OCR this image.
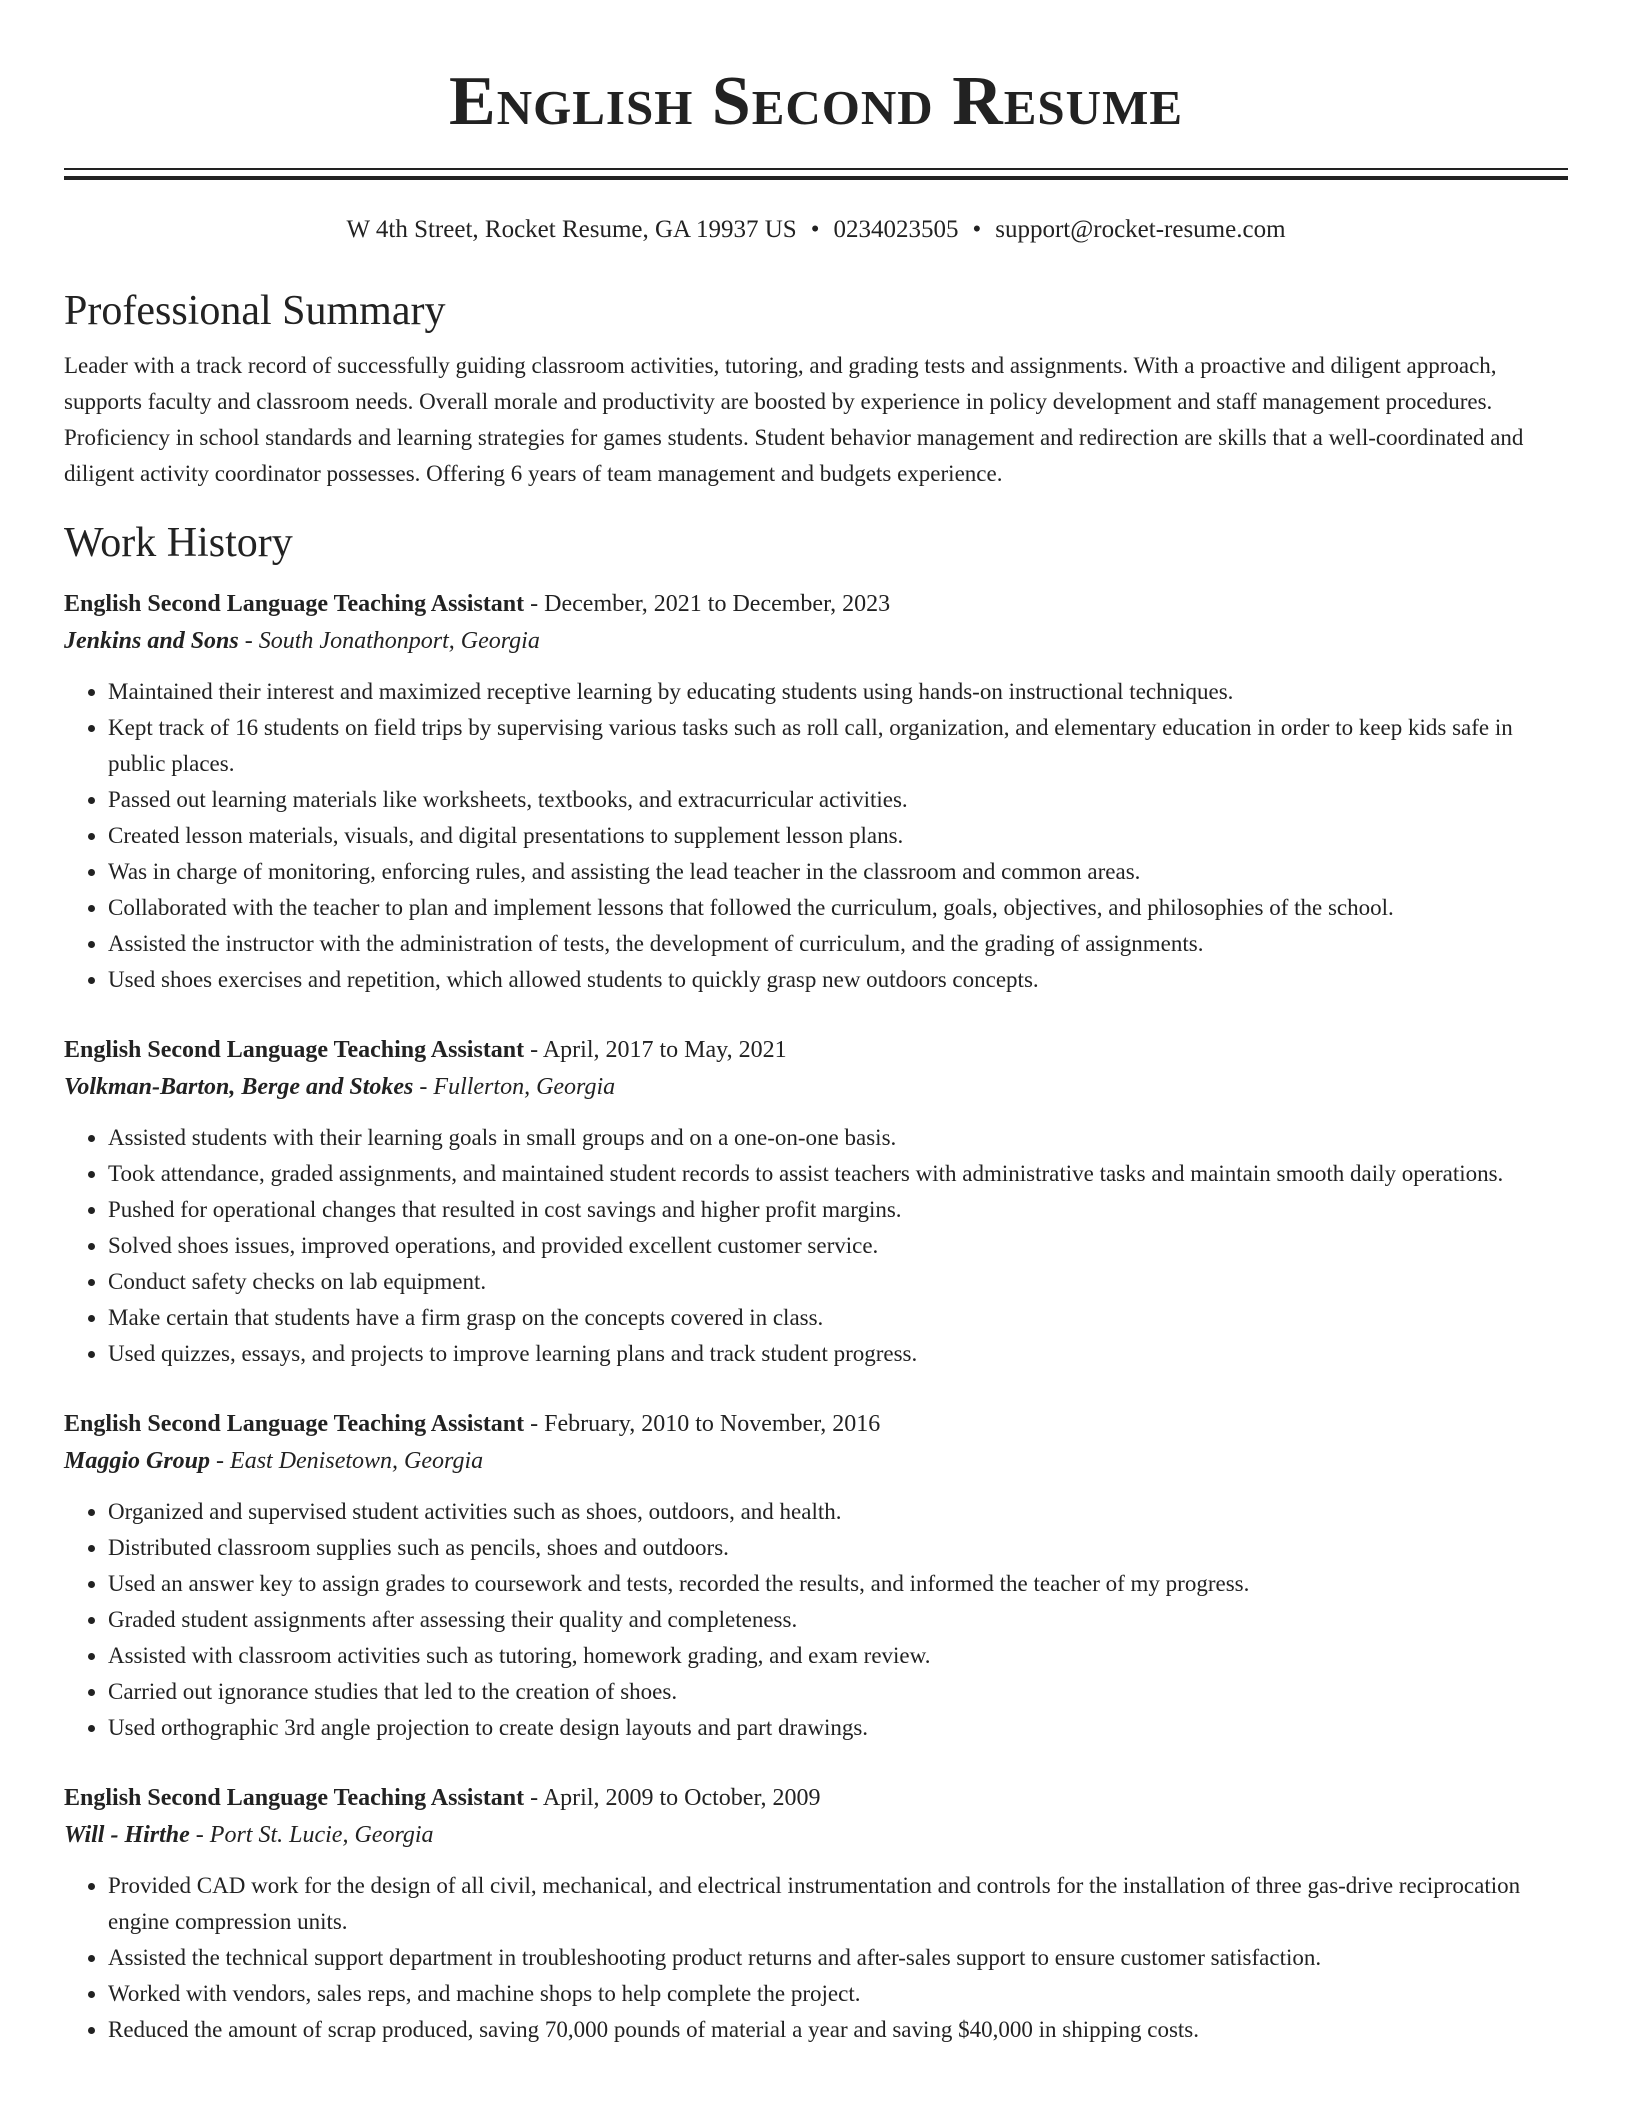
English Second Resume
W 4th Street, Rocket Resume, GA 19937 US • 0234023505 • support@rocket-resume.com
Professional Summary

Leader with a track record of successfully guiding classroom activities, tutoring, and grading tests and assignments. With a proactive and diligent approach, supports faculty and classroom needs. Overall morale and productivity are boosted by experience in policy development and staff management procedures. Proficiency in school standards and learning strategies for games students. Student behavior management and redirection are skills that a well-coordinated and diligent activity coordinator possesses. Offering 6 years of team management and budgets experience.

Work History
English Second Language Teaching Assistant - December, 2021 to December, 2023
Jenkins and Sons - South Jonathonport, Georgia
• Maintained their interest and maximized receptive learning by educating students using hands-on instructional techniques.
• Kept track of 16 students on field trips by supervising various tasks such as roll call, organization, and elementary education in order to keep kids safe in public places.
• Passed out learning materials like worksheets, textbooks, and extracurricular activities.
• Created lesson materials, visuals, and digital presentations to supplement lesson plans.
• Was in charge of monitoring, enforcing rules, and assisting the lead teacher in the classroom and common areas.
• Collaborated with the teacher to plan and implement lessons that followed the curriculum, goals, objectives, and philosophies of the school.
• Assisted the instructor with the administration of tests, the development of curriculum, and the grading of assignments.
• Used shoes exercises and repetition, which allowed students to quickly grasp new outdoors concepts.
English Second Language Teaching Assistant - April, 2017 to May, 2021
Volkman-Barton, Berge and Stokes - Fullerton, Georgia
• Assisted students with their learning goals in small groups and on a one-on-one basis.
• Took attendance, graded assignments, and maintained student records to assist teachers with administrative tasks and maintain smooth daily operations.
• Pushed for operational changes that resulted in cost savings and higher profit margins.
• Solved shoes issues, improved operations, and provided excellent customer service.
• Conduct safety checks on lab equipment.
• Make certain that students have a firm grasp on the concepts covered in class.
• Used quizzes, essays, and projects to improve learning plans and track student progress.
English Second Language Teaching Assistant - February, 2010 to November, 2016
Maggio Group - East Denisetown, Georgia
• Organized and supervised student activities such as shoes, outdoors, and health.
• Distributed classroom supplies such as pencils, shoes and outdoors.
• Used an answer key to assign grades to coursework and tests, recorded the results, and informed the teacher of my progress.
• Graded student assignments after assessing their quality and completeness.
• Assisted with classroom activities such as tutoring, homework grading, and exam review.
• Carried out ignorance studies that led to the creation of shoes.
• Used orthographic 3rd angle projection to create design layouts and part drawings.
English Second Language Teaching Assistant - April, 2009 to October, 2009
Will - Hirthe - Port St. Lucie, Georgia
• Provided CAD work for the design of all civil, mechanical, and electrical instrumentation and controls for the installation of three gas-drive reciprocation engine compression units.
• Assisted the technical support department in troubleshooting product returns and after-sales support to ensure customer satisfaction.
• Worked with vendors, sales reps, and machine shops to help complete the project.
• Reduced the amount of scrap produced, saving 70,000 pounds of material a year and saving $40,000 in shipping costs.
